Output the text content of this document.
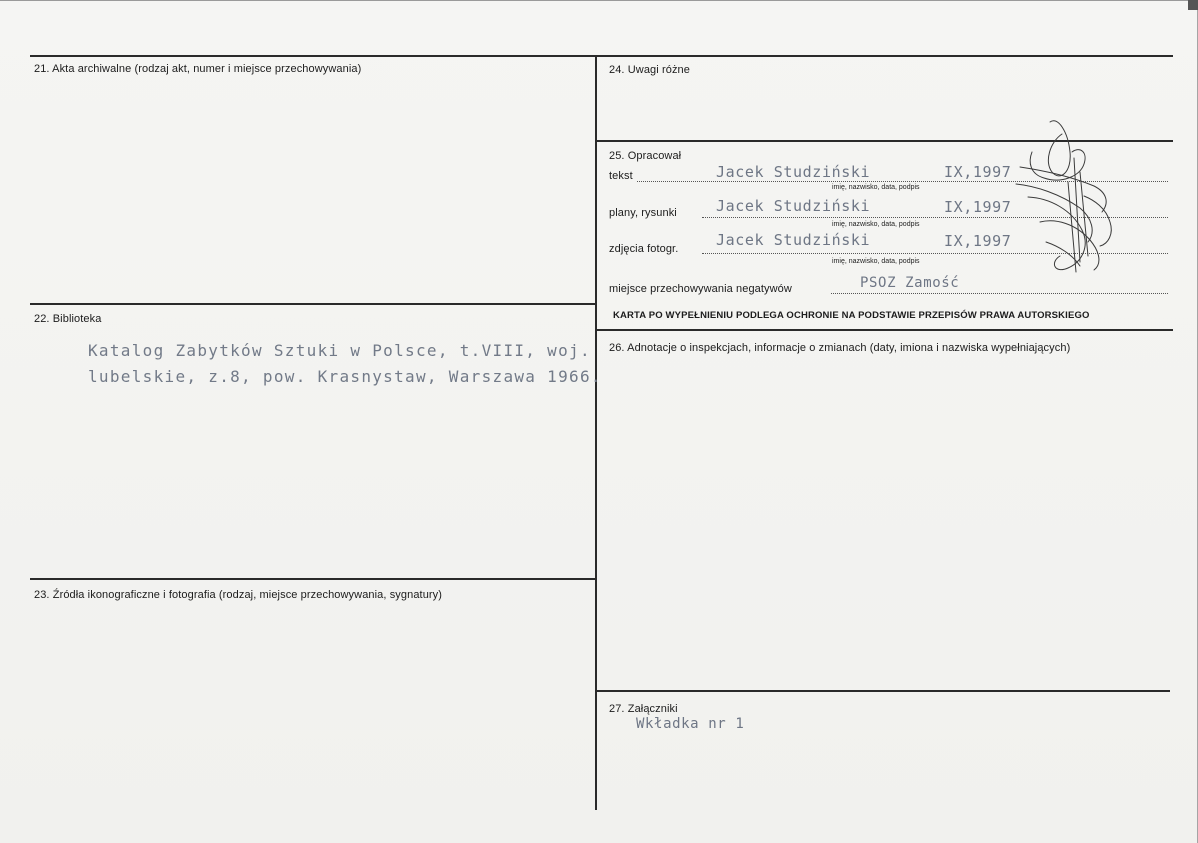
21. Akta archiwalne (rodzaj akt, numer i miejsce przechowywania)
22. Biblioteka
Katalog Zabytków Sztuki w Polsce, t.VIII, woj.
lubelskie, z.8, pow. Krasnystaw, Warszawa 1966.
23. Źródła ikonograficzne i fotografia (rodzaj, miejsce przechowywania, sygnatury)
24. Uwagi różne
25. Opracował
tekst	Jacek Studziński	IX,1997
imię, nazwisko, data, podpis
plany, rysunki	Jacek Studziński	IX,1997
imię, nazwisko, data, podpis
zdjęcia fotogr.	Jacek Studziński	IX,1997
imię, nazwisko, data, podpis
miejsce przechowywania negatywów	PSOZ Zamość
KARTA PO WYPEŁNIENIU PODLEGA OCHRONIE NA PODSTAWIE PRZEPISÓW PRAWA AUTORSKIEGO
26. Adnotacje o inspekcjach, informacje o zmianach (daty, imiona i nazwiska wypełniających)
27. Załączniki
Wkładka nr 1
